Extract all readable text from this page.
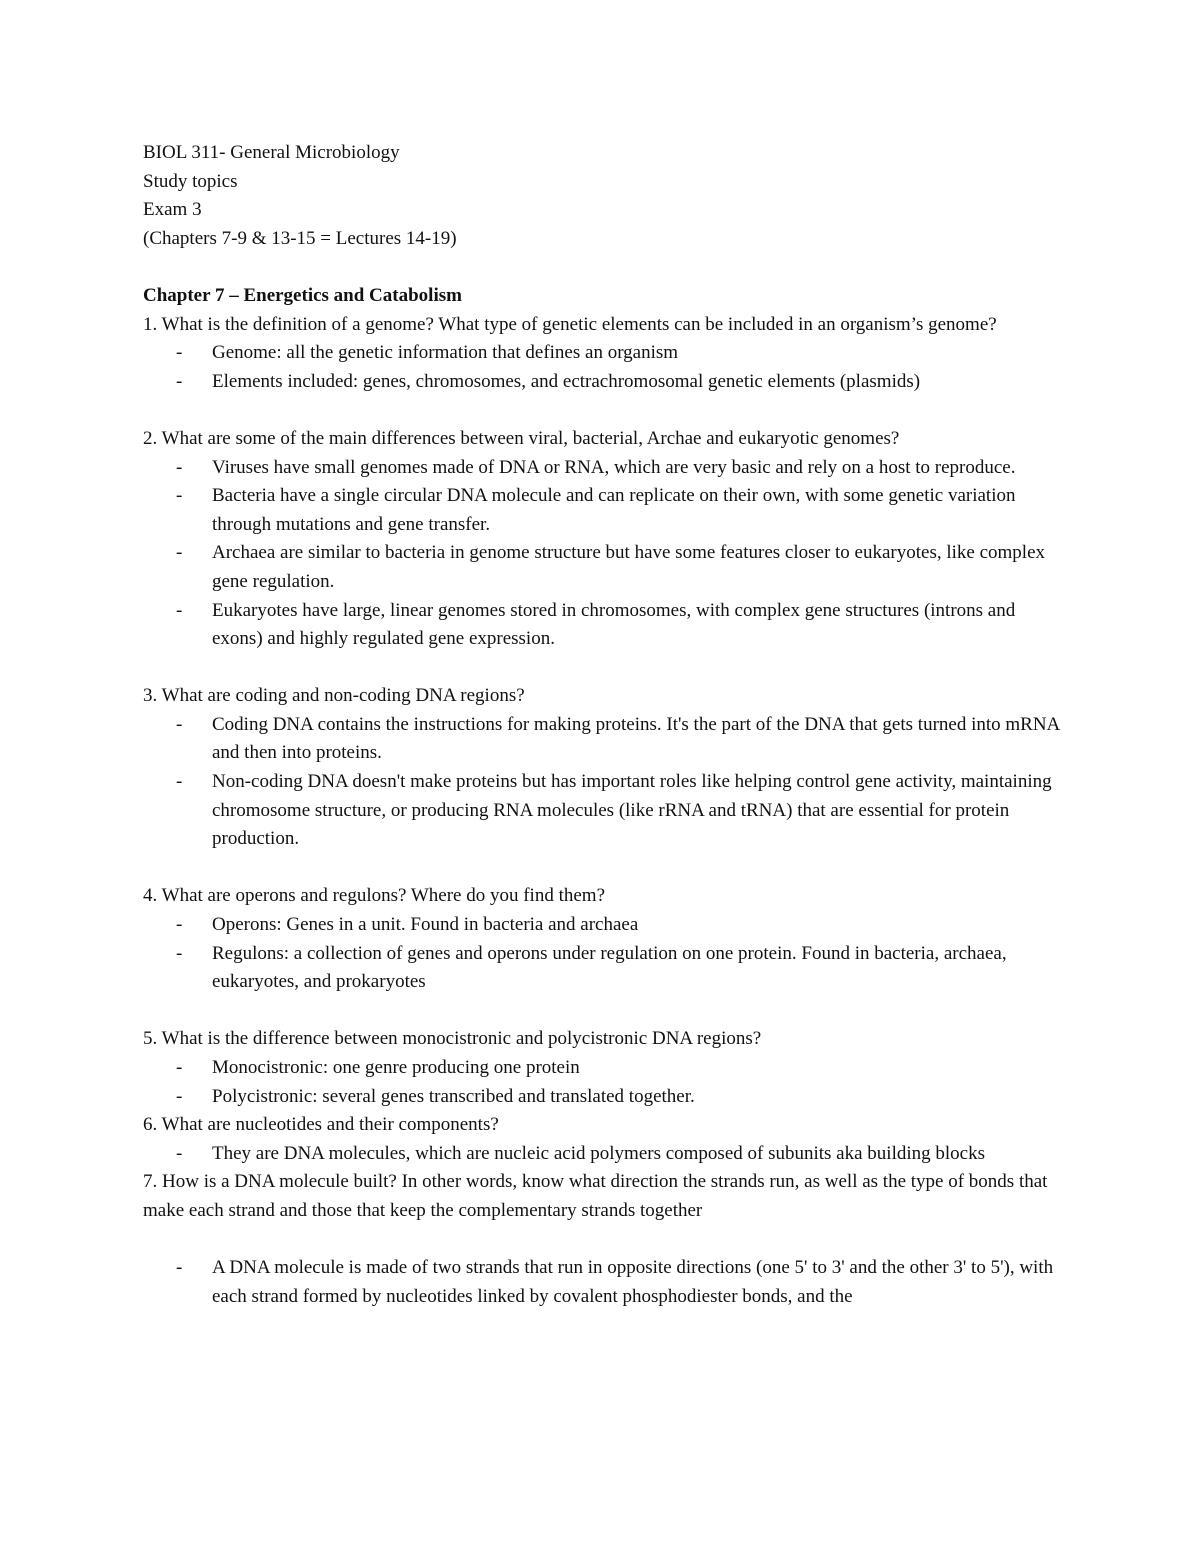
BIOL 311- General Microbiology

Study topics

Exam 3

(Chapters 7-9 & 13-15 = Lectures 14-19)

Chapter 7 – Energetics and Catabolism

1. What is the definition of a genome? What type of genetic elements can be included in an organism’s genome?

- Genome: all the genetic information that defines an organism
- Elements included: genes, chromosomes, and ectrachromosomal genetic elements (plasmids)

2. What are some of the main differences between viral, bacterial, Archae and eukaryotic genomes?

- Viruses have small genomes made of DNA or RNA, which are very basic and rely on a host to reproduce.
- Bacteria have a single circular DNA molecule and can replicate on their own, with some genetic variation through mutations and gene transfer.
- Archaea are similar to bacteria in genome structure but have some features closer to eukaryotes, like complex gene regulation.
- Eukaryotes have large, linear genomes stored in chromosomes, with complex gene structures (introns and exons) and highly regulated gene expression.

3. What are coding and non-coding DNA regions?

- Coding DNA contains the instructions for making proteins. It's the part of the DNA that gets turned into mRNA and then into proteins.
- Non-coding DNA doesn't make proteins but has important roles like helping control gene activity, maintaining chromosome structure, or producing RNA molecules (like rRNA and tRNA) that are essential for protein production.

4. What are operons and regulons? Where do you find them?

- Operons: Genes in a unit. Found in bacteria and archaea
- Regulons: a collection of genes and operons under regulation on one protein. Found in bacteria, archaea, eukaryotes, and prokaryotes

5. What is the difference between monocistronic and polycistronic DNA regions?

- Monocistronic: one genre producing one protein
- Polycistronic: several genes transcribed and translated together.

6. What are nucleotides and their components?

- They are DNA molecules, which are nucleic acid polymers composed of subunits aka building blocks

7. How is a DNA molecule built? In other words, know what direction the strands run, as well as the type of bonds that make each strand and those that keep the complementary strands together

- A DNA molecule is made of two strands that run in opposite directions (one 5' to 3' and the other 3' to 5'), with each strand formed by nucleotides linked by covalent phosphodiester bonds, and the
